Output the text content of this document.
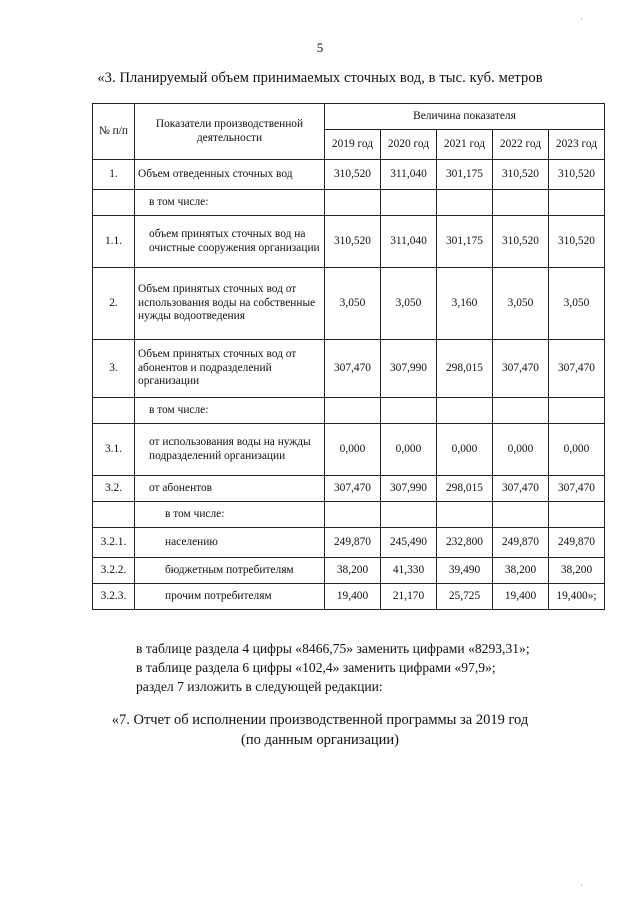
5
«3. Планируемый объем принимаемых сточных вод, в тыс. куб. метров
№ п/п	Показатели производственной деятельности	Величина показателя				
		2019 год	2020 год	2021 год	2022 год	2023 год
1.	Объем отведенных сточных вод	310,520	311,040	301,175	310,520	310,520
	в том числе:					
1.1.	объем принятых сточных вод на очистные сооружения организации	310,520	311,040	301,175	310,520	310,520
2.	Объем принятых сточных вод от использования воды на собственные нужды водоотведения	3,050	3,050	3,160	3,050	3,050
3.	Объем принятых сточных вод от абонентов и подразделений организации	307,470	307,990	298,015	307,470	307,470
	в том числе:					
3.1.	от использования воды на нужды подразделений организации	0,000	0,000	0,000	0,000	0,000
3.2.	от абонентов	307,470	307,990	298,015	307,470	307,470
	в том числе:					
3.2.1.	населению	249,870	245,490	232,800	249,870	249,870
3.2.2.	бюджетным потребителям	38,200	41,330	39,490	38,200	38,200
3.2.3.	прочим потребителям	19,400	21,170	25,725	19,400	19,400»;
в таблице раздела 4 цифры «8466,75» заменить цифрами «8293,31»;
в таблице раздела 6 цифры «102,4» заменить цифрами «97,9»;
раздел 7 изложить в следующей редакции:
«7. Отчет об исполнении производственной программы за 2019 год
(по данным организации)
·
·
